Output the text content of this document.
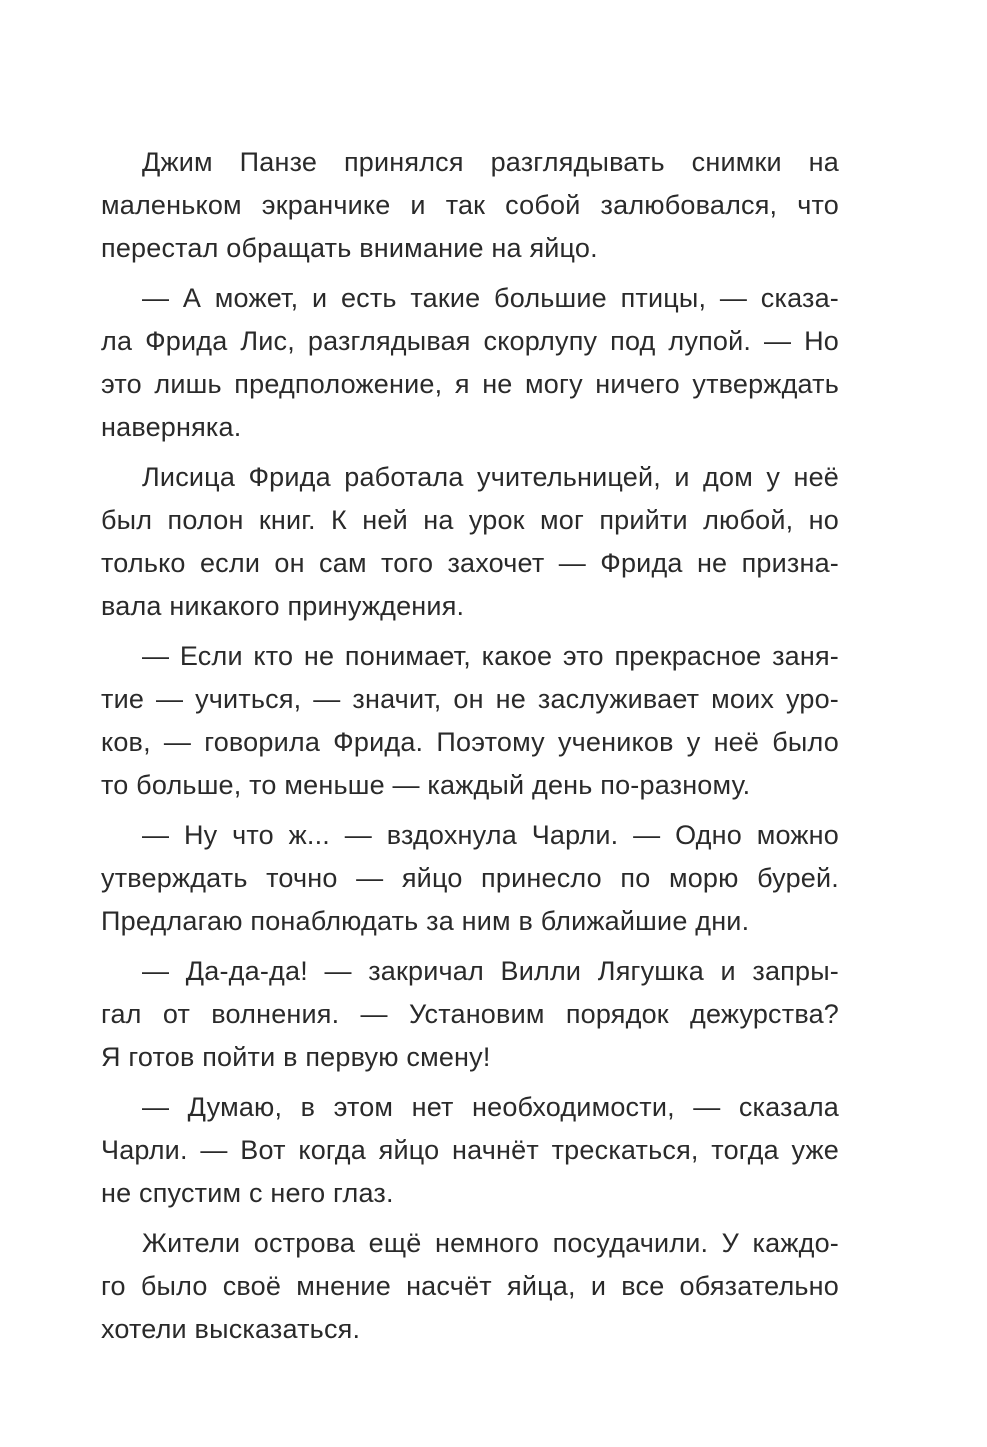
Джим Панзе принялся разглядывать снимки на
маленьком экранчике и так собой залюбовался, что
перестал обращать внимание на яйцо.
— А может, и есть такие большие птицы, — сказа-
ла Фрида Лис, разглядывая скорлупу под лупой. — Но
это лишь предположение, я не могу ничего утверждать
наверняка.
Лисица Фрида работала учительницей, и дом у неё
был полон книг. К ней на урок мог прийти любой, но
только если он сам того захочет — Фрида не призна-
вала никакого принуждения.
— Если кто не понимает, какое это прекрасное заня-
тие — учиться, — значит, он не заслуживает моих уро-
ков, — говорила Фрида. Поэтому учеников у неё было
то больше, то меньше — каждый день по-разному.
— Ну что ж... — вздохнула Чарли. — Одно можно
утверждать точно — яйцо принесло по морю бурей.
Предлагаю понаблюдать за ним в ближайшие дни.
— Да-да-да! — закричал Вилли Лягушка и запры-
гал от волнения. — Установим порядок дежурства?
Я готов пойти в первую смену!
— Думаю, в этом нет необходимости, — сказала
Чарли. — Вот когда яйцо начнёт трескаться, тогда уже
не спустим с него глаз.
Жители острова ещё немного посудачили. У каждо-
го было своё мнение насчёт яйца, и все обязательно
хотели высказаться.
